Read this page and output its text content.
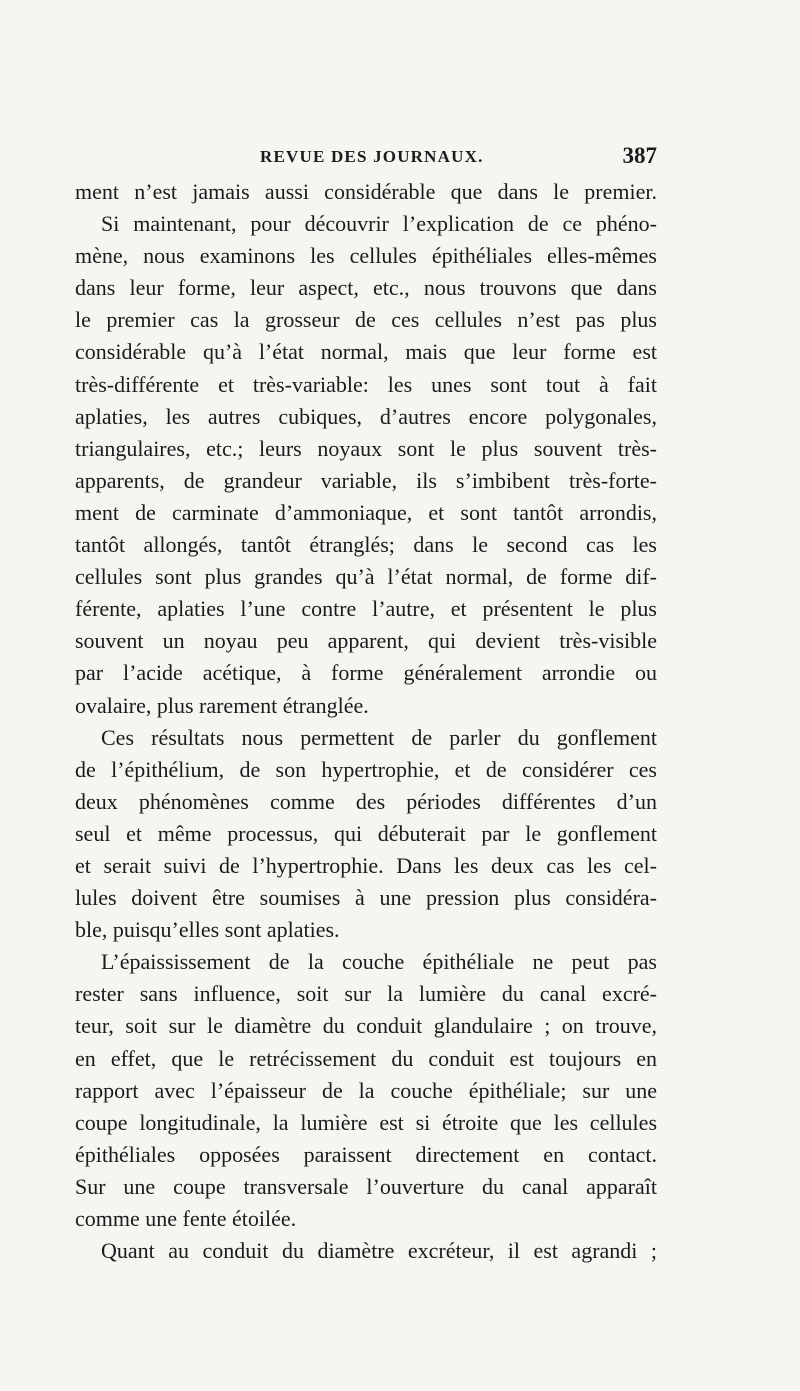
REVUE DES JOURNAUX.	387
ment n’est jamais aussi considérable que dans le premier.
Si maintenant, pour découvrir l’explication de ce phéno-
mène, nous examinons les cellules épithéliales elles-mêmes
dans leur forme, leur aspect, etc., nous trouvons que dans
le premier cas la grosseur de ces cellules n’est pas plus
considérable qu’à l’état normal, mais que leur forme est
très-différente et très-variable: les unes sont tout à fait
aplaties, les autres cubiques, d’autres encore polygonales,
triangulaires, etc.; leurs noyaux sont le plus souvent très-
apparents, de grandeur variable, ils s’imbibent très-forte-
ment de carminate d’ammoniaque, et sont tantôt arrondis,
tantôt allongés, tantôt étranglés; dans le second cas les
cellules sont plus grandes qu’à l’état normal, de forme dif-
férente, aplaties l’une contre l’autre, et présentent le plus
souvent un noyau peu apparent, qui devient très-visible
par l’acide acétique, à forme généralement arrondie ou
ovalaire, plus rarement étranglée.
Ces résultats nous permettent de parler du gonflement
de l’épithélium, de son hypertrophie, et de considérer ces
deux phénomènes comme des périodes différentes d’un
seul et même processus, qui débuterait par le gonflement
et serait suivi de l’hypertrophie. Dans les deux cas les cel-
lules doivent être soumises à une pression plus considéra-
ble, puisqu’elles sont aplaties.
L’épaississement de la couche épithéliale ne peut pas
rester sans influence, soit sur la lumière du canal excré-
teur, soit sur le diamètre du conduit glandulaire ; on trouve,
en effet, que le retrécissement du conduit est toujours en
rapport avec l’épaisseur de la couche épithéliale; sur une
coupe longitudinale, la lumière est si étroite que les cellules
épithéliales opposées paraissent directement en contact.
Sur une coupe transversale l’ouverture du canal apparaît
comme une fente étoilée.
Quant au conduit du diamètre excréteur, il est agrandi ;
